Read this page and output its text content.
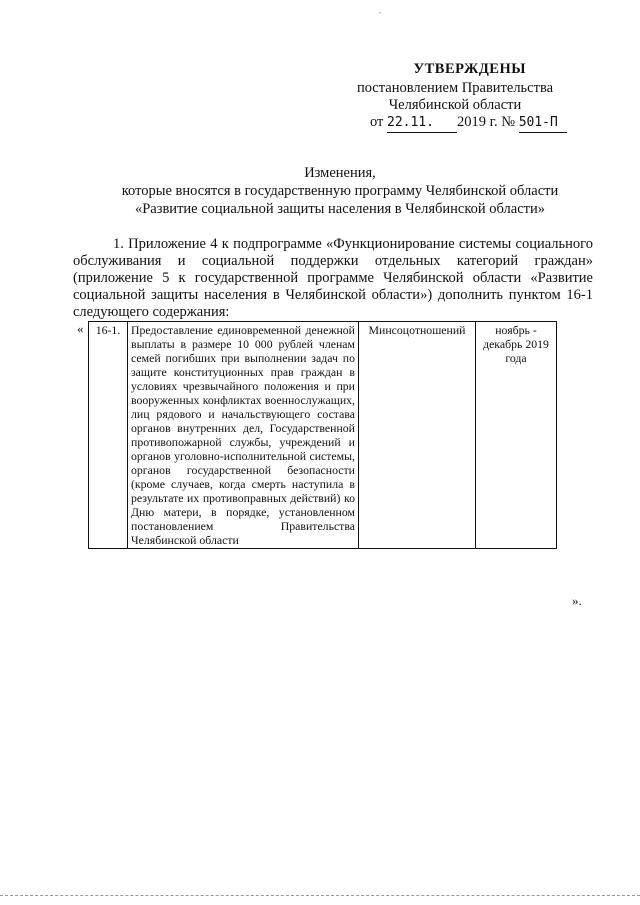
"
УТВЕРЖДЕНЫ
постановлением Правительства
Челябинской области
от 22.11. 2019 г. № 501-П
Изменения,
которые вносятся в государственную программу Челябинской области
«Развитие социальной защиты населения в Челябинской области»
1. Приложение 4 к подпрограмме «Функционирование системы социального обслуживания и социальной поддержки отдельных категорий граждан» (приложение 5 к государственной программе Челябинской области «Развитие социальной защиты населения в Челябинской области») дополнить пунктом 16-1 следующего содержания:
« 16-1.	Предоставление единовременной денежной выплаты в размере 10 000 рублей членам семей погибших при выполнении задач по защите конституционных прав граждан в условиях чрезвычайного положения и при вооруженных конфликтах военнослужащих, лиц рядового и начальствующего состава органов внутренних дел, Государственной противопожарной службы, учреждений и органов уголовно-исполнительной системы, органов государственной безопасности (кроме случаев, когда смерть наступила в результате их противоправных действий) ко Дню матери, в порядке, установленном постановлением Правительства Челябинской области	Минсоцотношений	ноябрь - декабрь 2019 года
».
